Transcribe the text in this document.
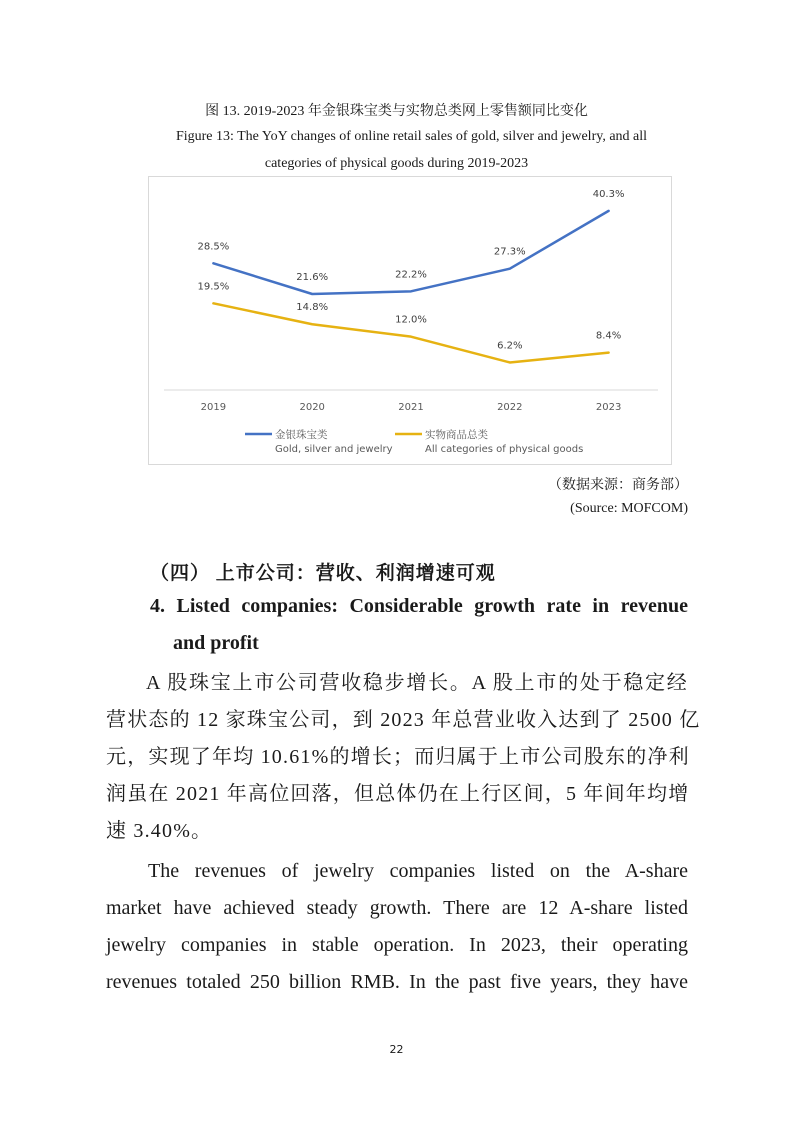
图 13. 2019-2023 年金银珠宝类与实物总类网上零售额同比变化
Figure 13: The YoY changes of online retail sales of gold, silver and jewelry, and all
categories of physical goods during 2019-2023
2019	2020	2021	2022	2023
28.5%
21.6%	22.2%
27.3%
40.3%
19.5%
14.8%
12.0%
6.2%
8.4%
金银珠宝类
Gold, silver and jewelry
实物商品总类
All categories of physical goods
（数据来源：商务部）
(Source: MOFCOM)
（四） 上市公司：营收、利润增速可观
4. Listed companies: Considerable growth rate in revenue
and profit
A 股珠宝上市公司营收稳步增长。A 股上市的处于稳定经
营状态的 12 家珠宝公司，到 2023 年总营业收入达到了 2500 亿
元，实现了年均 10.61%的增长；而归属于上市公司股东的净利
润虽在 2021 年高位回落，但总体仍在上行区间，5 年间年均增
速 3.40%。
The revenues of jewelry companies listed on the A-share
market have achieved steady growth. There are 12 A-share listed
jewelry companies in stable operation. In 2023, their operating
revenues totaled 250 billion RMB. In the past five years, they have
22
